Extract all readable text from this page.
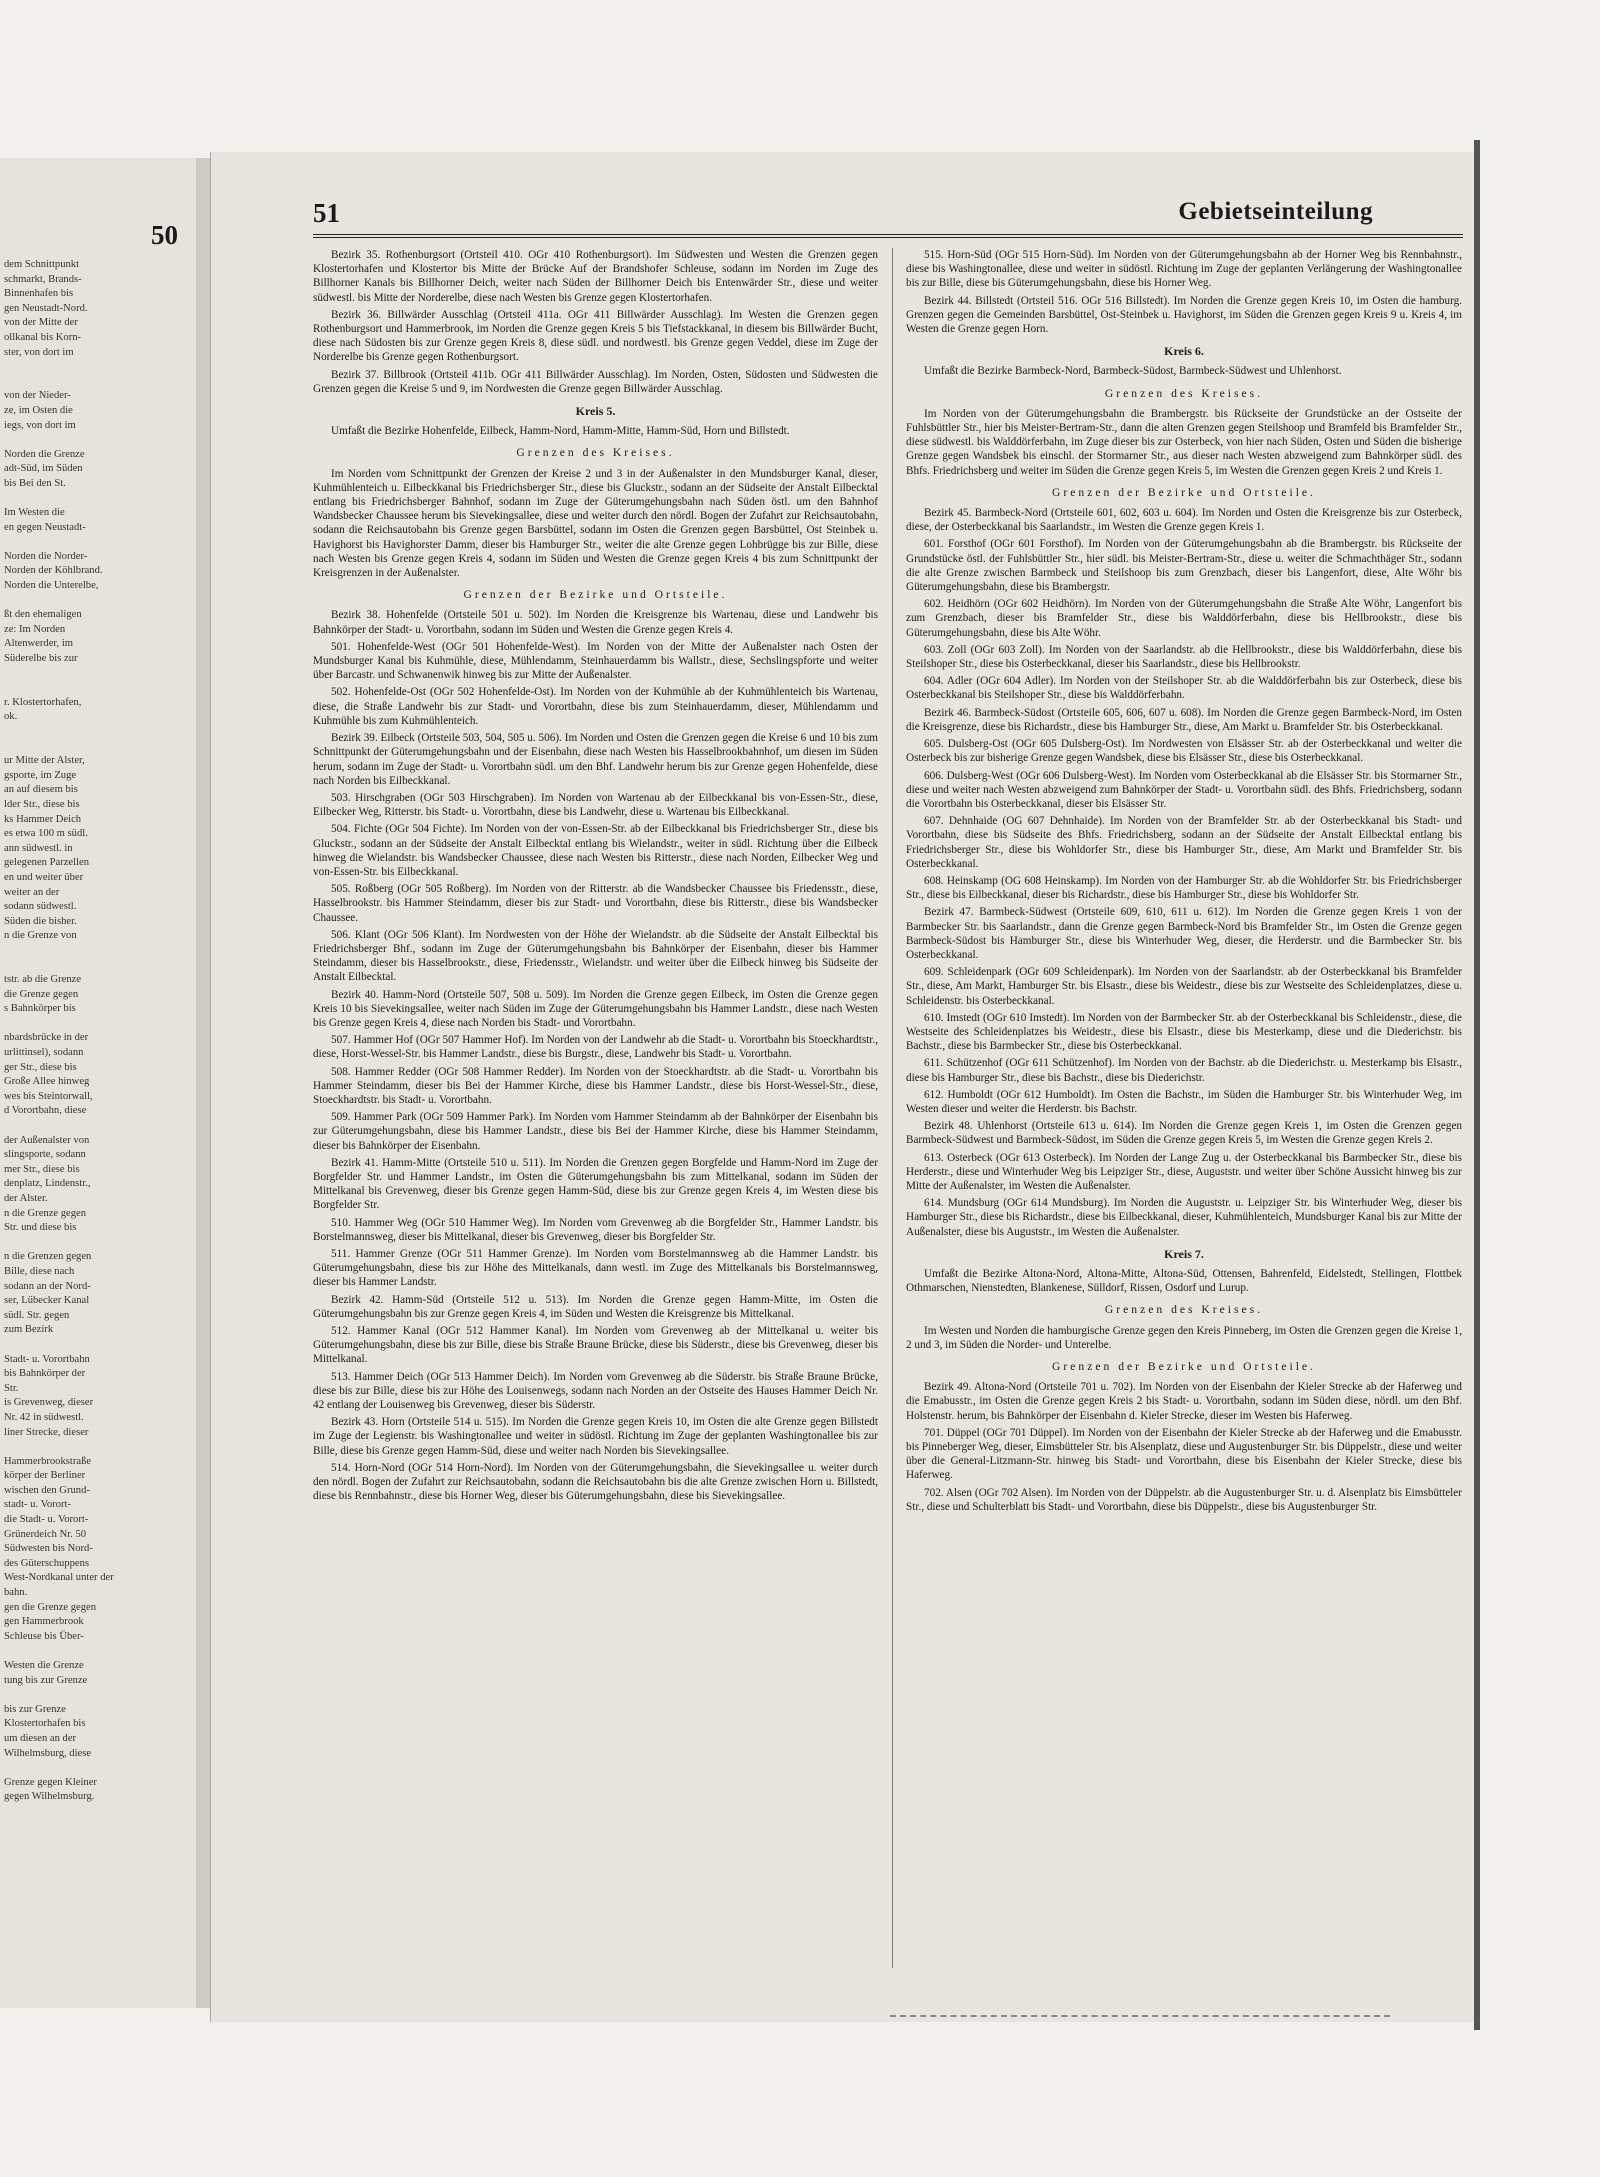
50
dem Schnittpunkt
schmarkt, Brands-
Binnenhafen bis
gen Neustadt-Nord.
von der Mitte der
ollkanal bis Korn-
ster, von dort im

von der Nieder-
ze, im Osten die
iegs, von dort im

Norden die Grenze
adt-Süd, im Süden
bis Bei den St.

Im Westen die
en gegen Neustadt-

Norden die Norder-
Norden der Köhlbrand.
Norden die Unterelbe,

ßt den ehemaligen
ze: Im Norden
Altenwerder, im
Süderelbe bis zur

r. Klostertorhafen,
ok.

ur Mitte der Alster,
gsporte, im Zuge
an auf diesem bis
lder Str., diese bis
ks Hammer Deich
es etwa 100 m südl.
ann südwestl. in
gelegenen Parzellen
en und weiter über
weiter an der
sodann südwestl.
Süden die bisher.
n die Grenze von

tstr. ab die Grenze
die Grenze gegen
s Bahnkörper bis

nbardsbrücke in der
urlittinsel), sodann
ger Str., diese bis
Große Allee hinweg
wes bis Steintorwall,
d Vorortbahn, diese

der Außenalster von
slingsporte, sodann
mer Str., diese bis
denplatz, Lindenstr.,
der Alster.
n die Grenze gegen
Str. und diese bis

n die Grenzen gegen
Bille, diese nach
sodann an der Nord-
ser, Lübecker Kanal
südl. Str. gegen
zum Bezirk

Stadt- u. Vorortbahn
bis Bahnkörper der
Str.
is Grevenweg, dieser
Nr. 42 in südwestl.
liner Strecke, dieser

Hammerbrookstraße
körper der Berliner
wischen den Grund-
stadt- u. Vorort-
die Stadt- u. Vorort-
Grünerdeich Nr. 50
Südwesten bis Nord-
des Güterschuppens
West-Nordkanal unter der
bahn.
gen die Grenze gegen
gen Hammerbrook
Schleuse bis Über-

Westen die Grenze
tung bis zur Grenze

bis zur Grenze
Klostertorhafen bis
um diesen an der
Wilhelmsburg, diese

Grenze gegen Kleiner
gegen Wilhelmsburg.
51	Gebietseinteilung

Bezirk 35. Rothenburgsort (Ortsteil 410. OGr 410 Rothenburgsort). Im Südwesten und Westen die Grenzen gegen Klostertorhafen und Klostertor bis Mitte der Brücke Auf der Brandshofer Schleuse, sodann im Norden im Zuge des Billhorner Kanals bis Billhorner Deich, weiter nach Süden der Billhorner Deich bis Entenwärder Str., diese und weiter südwestl. bis Mitte der Norderelbe, diese nach Westen bis Grenze gegen Klostertorhafen.

Bezirk 36. Billwärder Ausschlag (Ortsteil 411a. OGr 411 Billwärder Ausschlag). Im Westen die Grenzen gegen Rothenburgsort und Hammerbrook, im Norden die Grenze gegen Kreis 5 bis Tiefstackkanal, in diesem bis Billwärder Bucht, diese nach Südosten bis zur Grenze gegen Kreis 8, diese südl. und nordwestl. bis Grenze gegen Veddel, diese im Zuge der Norderelbe bis Grenze gegen Rothenburgsort.

Bezirk 37. Billbrook (Ortsteil 411b. OGr 411 Billwärder Ausschlag). Im Norden, Osten, Südosten und Südwesten die Grenzen gegen die Kreise 5 und 9, im Nordwesten die Grenze gegen Billwärder Ausschlag.

Kreis 5.

Umfaßt die Bezirke Hohenfelde, Eilbeck, Hamm-Nord, Hamm-Mitte, Hamm-Süd, Horn und Billstedt.

Grenzen des Kreises.

Im Norden vom Schnittpunkt der Grenzen der Kreise 2 und 3 in der Außenalster in den Mundsburger Kanal, dieser, Kuhmühlenteich u. Eilbeckkanal bis Friedrichsberger Str., diese bis Gluckstr., sodann an der Südseite der Anstalt Eilbecktal entlang bis Friedrichsberger Bahnhof, sodann im Zuge der Güterumgehungsbahn nach Süden östl. um den Bahnhof Wandsbecker Chaussee herum bis Sievekingsallee, diese und weiter durch den nördl. Bogen der Zufahrt zur Reichsautobahn, sodann die Reichsautobahn bis Grenze gegen Barsbüttel, sodann im Osten die Grenzen gegen Barsbüttel, Ost Steinbek u. Havighorst bis Havighorster Damm, dieser bis Hamburger Str., weiter die alte Grenze gegen Lohbrügge bis zur Bille, diese nach Westen bis Grenze gegen Kreis 4, sodann im Süden und Westen die Grenze gegen Kreis 4 bis zum Schnittpunkt der Kreisgrenzen in der Außenalster.

Grenzen der Bezirke und Ortsteile.

Bezirk 38. Hohenfelde (Ortsteile 501 u. 502). Im Norden die Kreisgrenze bis Wartenau, diese und Landwehr bis Bahnkörper der Stadt- u. Vorortbahn, sodann im Süden und Westen die Grenze gegen Kreis 4.

501. Hohenfelde-West (OGr 501 Hohenfelde-West). Im Norden von der Mitte der Außenalster nach Osten der Mundsburger Kanal bis Kuhmühle, diese, Mühlendamm, Steinhauerdamm bis Wallstr., diese, Sechslingspforte und weiter über Barcastr. und Schwanenwik hinweg bis zur Mitte der Außenalster.

502. Hohenfelde-Ost (OGr 502 Hohenfelde-Ost). Im Norden von der Kuhmühle ab der Kuhmühlenteich bis Wartenau, diese, die Straße Landwehr bis zur Stadt- und Vorortbahn, diese bis zum Steinhauerdamm, dieser, Mühlendamm und Kuhmühle bis zum Kuhmühlenteich.

Bezirk 39. Eilbeck (Ortsteile 503, 504, 505 u. 506). Im Norden und Osten die Grenzen gegen die Kreise 6 und 10 bis zum Schnittpunkt der Güterumgehungsbahn und der Eisenbahn, diese nach Westen bis Hasselbrookbahnhof, um diesen im Süden herum, sodann im Zuge der Stadt- u. Vorortbahn südl. um den Bhf. Landwehr herum bis zur Grenze gegen Hohenfelde, diese nach Norden bis Eilbeckkanal.

503. Hirschgraben (OGr 503 Hirschgraben). Im Norden von Wartenau ab der Eilbeckkanal bis von-Essen-Str., diese, Eilbecker Weg, Ritterstr. bis Stadt- u. Vorortbahn, diese bis Landwehr, diese u. Wartenau bis Eilbeckkanal.

504. Fichte (OGr 504 Fichte). Im Norden von der von-Essen-Str. ab der Eilbeckkanal bis Friedrichsberger Str., diese bis Gluckstr., sodann an der Südseite der Anstalt Eilbecktal entlang bis Wielandstr., weiter in südl. Richtung über die Eilbeck hinweg die Wielandstr. bis Wandsbecker Chaussee, diese nach Westen bis Ritterstr., diese nach Norden, Eilbecker Weg und von-Essen-Str. bis Eilbeckkanal.

505. Roßberg (OGr 505 Roßberg). Im Norden von der Ritterstr. ab die Wandsbecker Chaussee bis Friedensstr., diese, Hasselbrookstr. bis Hammer Steindamm, dieser bis zur Stadt- und Vorortbahn, diese bis Ritterstr., diese bis Wandsbecker Chaussee.

506. Klant (OGr 506 Klant). Im Nordwesten von der Höhe der Wielandstr. ab die Südseite der Anstalt Eilbecktal bis Friedrichsberger Bhf., sodann im Zuge der Güterumgehungsbahn bis Bahnkörper der Eisenbahn, dieser bis Hammer Steindamm, dieser bis Hasselbrookstr., diese, Friedensstr., Wielandstr. und weiter über die Eilbeck hinweg bis Südseite der Anstalt Eilbecktal.

Bezirk 40. Hamm-Nord (Ortsteile 507, 508 u. 509). Im Norden die Grenze gegen Eilbeck, im Osten die Grenze gegen Kreis 10 bis Sievekingsallee, weiter nach Süden im Zuge der Güterumgehungsbahn bis Hammer Landstr., diese nach Westen bis Grenze gegen Kreis 4, diese nach Norden bis Stadt- und Vorortbahn.

507. Hammer Hof (OGr 507 Hammer Hof). Im Norden von der Landwehr ab die Stadt- u. Vorortbahn bis Stoeckhardtstr., diese, Horst-Wessel-Str. bis Hammer Landstr., diese bis Burgstr., diese, Landwehr bis Stadt- u. Vorortbahn.

508. Hammer Redder (OGr 508 Hammer Redder). Im Norden von der Stoeckhardtstr. ab die Stadt- u. Vorortbahn bis Hammer Steindamm, dieser bis Bei der Hammer Kirche, diese bis Hammer Landstr., diese bis Horst-Wessel-Str., diese, Stoeckhardtstr. bis Stadt- u. Vorortbahn.

509. Hammer Park (OGr 509 Hammer Park). Im Norden vom Hammer Steindamm ab der Bahnkörper der Eisenbahn bis zur Güterumgehungsbahn, diese bis Hammer Landstr., diese bis Bei der Hammer Kirche, diese bis Hammer Steindamm, dieser bis Bahnkörper der Eisenbahn.

Bezirk 41. Hamm-Mitte (Ortsteile 510 u. 511). Im Norden die Grenzen gegen Borgfelde und Hamm-Nord im Zuge der Borgfelder Str. und Hammer Landstr., im Osten die Güterumgehungsbahn bis zum Mittelkanal, sodann im Süden der Mittelkanal bis Grevenweg, dieser bis Grenze gegen Hamm-Süd, diese bis zur Grenze gegen Kreis 4, im Westen diese bis Borgfelder Str.

510. Hammer Weg (OGr 510 Hammer Weg). Im Norden vom Grevenweg ab die Borgfelder Str., Hammer Landstr. bis Borstelmannsweg, dieser bis Mittelkanal, dieser bis Grevenweg, dieser bis Borgfelder Str.

511. Hammer Grenze (OGr 511 Hammer Grenze). Im Norden vom Borstelmannsweg ab die Hammer Landstr. bis Güterumgehungsbahn, diese bis zur Höhe des Mittelkanals, dann westl. im Zuge des Mittelkanals bis Borstelmannsweg, dieser bis Hammer Landstr.

Bezirk 42. Hamm-Süd (Ortsteile 512 u. 513). Im Norden die Grenze gegen Hamm-Mitte, im Osten die Güterumgehungsbahn bis zur Grenze gegen Kreis 4, im Süden und Westen die Kreisgrenze bis Mittelkanal.

512. Hammer Kanal (OGr 512 Hammer Kanal). Im Norden vom Grevenweg ab der Mittelkanal u. weiter bis Güterumgehungsbahn, diese bis zur Bille, diese bis Straße Braune Brücke, diese bis Süderstr., diese bis Grevenweg, dieser bis Mittelkanal.

513. Hammer Deich (OGr 513 Hammer Deich). Im Norden vom Grevenweg ab die Süderstr. bis Straße Braune Brücke, diese bis zur Bille, diese bis zur Höhe des Louisenwegs, sodann nach Norden an der Ostseite des Hauses Hammer Deich Nr. 42 entlang der Louisenweg bis Grevenweg, dieser bis Süderstr.

Bezirk 43. Horn (Ortsteile 514 u. 515). Im Norden die Grenze gegen Kreis 10, im Osten die alte Grenze gegen Billstedt im Zuge der Legienstr. bis Washingtonallee und weiter in südöstl. Richtung im Zuge der geplanten Washingtonallee bis zur Bille, diese bis Grenze gegen Hamm-Süd, diese und weiter nach Norden bis Sievekingsallee.

514. Horn-Nord (OGr 514 Horn-Nord). Im Norden von der Güterumgehungsbahn, die Sievekingsallee u. weiter durch den nördl. Bogen der Zufahrt zur Reichsautobahn, sodann die Reichsautobahn bis die alte Grenze zwischen Horn u. Billstedt, diese bis Rennbahnstr., diese bis Horner Weg, dieser bis Güterumgehungsbahn, diese bis Sievekingsallee.

515. Horn-Süd (OGr 515 Horn-Süd). Im Norden von der Güterumgehungsbahn ab der Horner Weg bis Rennbahnstr., diese bis Washingtonallee, diese und weiter in südöstl. Richtung im Zuge der geplanten Verlängerung der Washingtonallee bis zur Bille, diese bis Güterumgehungsbahn, diese bis Horner Weg.

Bezirk 44. Billstedt (Ortsteil 516. OGr 516 Billstedt). Im Norden die Grenze gegen Kreis 10, im Osten die hamburg. Grenzen gegen die Gemeinden Barsbüttel, Ost-Steinbek u. Havighorst, im Süden die Grenzen gegen Kreis 9 u. Kreis 4, im Westen die Grenze gegen Horn.

Kreis 6.

Umfaßt die Bezirke Barmbeck-Nord, Barmbeck-Südost, Barmbeck-Südwest und Uhlenhorst.

Grenzen des Kreises.

Im Norden von der Güterumgehungsbahn die Brambergstr. bis Rückseite der Grundstücke an der Ostseite der Fuhlsbüttler Str., hier bis Meister-Bertram-Str., dann die alten Grenzen gegen Steilshoop und Bramfeld bis Bramfelder Str., diese südwestl. bis Walddörferbahn, im Zuge dieser bis zur Osterbeck, von hier nach Süden, Osten und Süden die bisherige Grenze gegen Wandsbek bis einschl. der Stormarner Str., aus dieser nach Westen abzweigend zum Bahnkörper südl. des Bhfs. Friedrichsberg und weiter im Süden die Grenze gegen Kreis 5, im Westen die Grenzen gegen Kreis 2 und Kreis 1.

Grenzen der Bezirke und Ortsteile.

Bezirk 45. Barmbeck-Nord (Ortsteile 601, 602, 603 u. 604). Im Norden und Osten die Kreisgrenze bis zur Osterbeck, diese, der Osterbeckkanal bis Saarlandstr., im Westen die Grenze gegen Kreis 1.

601. Forsthof (OGr 601 Forsthof). Im Norden von der Güterumgehungsbahn ab die Brambergstr. bis Rückseite der Grundstücke östl. der Fuhlsbüttler Str., hier südl. bis Meister-Bertram-Str., diese u. weiter die Schmachthäger Str., sodann die alte Grenze zwischen Barmbeck und Steilshoop bis zum Grenzbach, dieser bis Langenfort, diese, Alte Wöhr bis Güterumgehungsbahn, diese bis Brambergstr.

602. Heidhörn (OGr 602 Heidhörn). Im Norden von der Güterumgehungsbahn die Straße Alte Wöhr, Langenfort bis zum Grenzbach, dieser bis Bramfelder Str., diese bis Walddörferbahn, diese bis Hellbrookstr., diese bis Güterumgehungsbahn, diese bis Alte Wöhr.

603. Zoll (OGr 603 Zoll). Im Norden von der Saarlandstr. ab die Hellbrookstr., diese bis Walddörferbahn, diese bis Steilshoper Str., diese bis Osterbeckkanal, dieser bis Saarlandstr., diese bis Hellbrookstr.

604. Adler (OGr 604 Adler). Im Norden von der Steilshoper Str. ab die Walddörferbahn bis zur Osterbeck, diese bis Osterbeckkanal bis Steilshoper Str., diese bis Walddörferbahn.

Bezirk 46. Barmbeck-Südost (Ortsteile 605, 606, 607 u. 608). Im Norden die Grenze gegen Barmbeck-Nord, im Osten die Kreisgrenze, diese bis Richardstr., diese bis Hamburger Str., diese, Am Markt u. Bramfelder Str. bis Osterbeckkanal.

605. Dulsberg-Ost (OGr 605 Dulsberg-Ost). Im Nordwesten von Elsässer Str. ab der Osterbeckkanal und weiter die Osterbeck bis zur bisherige Grenze gegen Wandsbek, diese bis Elsässer Str., diese bis Osterbeckkanal.

606. Dulsberg-West (OGr 606 Dulsberg-West). Im Norden vom Osterbeckkanal ab die Elsässer Str. bis Stormarner Str., diese und weiter nach Westen abzweigend zum Bahnkörper der Stadt- u. Vorortbahn südl. des Bhfs. Friedrichsberg, sodann die Vorortbahn bis Osterbeckkanal, dieser bis Elsässer Str.

607. Dehnhaide (OG 607 Dehnhaide). Im Norden von der Bramfelder Str. ab der Osterbeckkanal bis Stadt- und Vorortbahn, diese bis Südseite des Bhfs. Friedrichsberg, sodann an der Südseite der Anstalt Eilbecktal entlang bis Friedrichsberger Str., diese bis Wohldorfer Str., diese bis Hamburger Str., diese, Am Markt und Bramfelder Str. bis Osterbeckkanal.

608. Heinskamp (OG 608 Heinskamp). Im Norden von der Hamburger Str. ab die Wohldorfer Str. bis Friedrichsberger Str., diese bis Eilbeckkanal, dieser bis Richardstr., diese bis Hamburger Str., diese bis Wohldorfer Str.

Bezirk 47. Barmbeck-Südwest (Ortsteile 609, 610, 611 u. 612). Im Norden die Grenze gegen Kreis 1 von der Barmbecker Str. bis Saarlandstr., dann die Grenze gegen Barmbeck-Nord bis Bramfelder Str., im Osten die Grenze gegen Barmbeck-Südost bis Hamburger Str., diese bis Winterhuder Weg, dieser, die Herderstr. und die Barmbecker Str. bis Osterbeckkanal.

609. Schleidenpark (OGr 609 Schleidenpark). Im Norden von der Saarlandstr. ab der Osterbeckkanal bis Bramfelder Str., diese, Am Markt, Hamburger Str. bis Elsastr., diese bis Weidestr., diese bis zur Westseite des Schleidenplatzes, diese u. Schleidenstr. bis Osterbeckkanal.

610. Imstedt (OGr 610 Imstedt). Im Norden von der Barmbecker Str. ab der Osterbeckkanal bis Schleidenstr., diese, die Westseite des Schleidenplatzes bis Weidestr., diese bis Elsastr., diese bis Mesterkamp, diese und die Diederichstr. bis Bachstr., diese bis Barmbecker Str., diese bis Osterbeckkanal.

611. Schützenhof (OGr 611 Schützenhof). Im Norden von der Bachstr. ab die Diederichstr. u. Mesterkamp bis Elsastr., diese bis Hamburger Str., diese bis Bachstr., diese bis Diederichstr.

612. Humboldt (OGr 612 Humboldt). Im Osten die Bachstr., im Süden die Hamburger Str. bis Winterhuder Weg, im Westen dieser und weiter die Herderstr. bis Bachstr.

Bezirk 48. Uhlenhorst (Ortsteile 613 u. 614). Im Norden die Grenze gegen Kreis 1, im Osten die Grenzen gegen Barmbeck-Südwest und Barmbeck-Südost, im Süden die Grenze gegen Kreis 5, im Westen die Grenze gegen Kreis 2.

613. Osterbeck (OGr 613 Osterbeck). Im Norden der Lange Zug u. der Osterbeckkanal bis Barmbecker Str., diese bis Herderstr., diese und Winterhuder Weg bis Leipziger Str., diese, Auguststr. und weiter über Schöne Aussicht hinweg bis zur Mitte der Außenalster, im Westen die Außenalster.

614. Mundsburg (OGr 614 Mundsburg). Im Norden die Auguststr. u. Leipziger Str. bis Winterhuder Weg, dieser bis Hamburger Str., diese bis Richardstr., diese bis Eilbeckkanal, dieser, Kuhmühlenteich, Mundsburger Kanal bis zur Mitte der Außenalster, diese bis Auguststr., im Westen die Außenalster.

Kreis 7.

Umfaßt die Bezirke Altona-Nord, Altona-Mitte, Altona-Süd, Ottensen, Bahrenfeld, Eidelstedt, Stellingen, Flottbek Othmarschen, Nienstedten, Blankenese, Sülldorf, Rissen, Osdorf und Lurup.

Grenzen des Kreises.

Im Westen und Norden die hamburgische Grenze gegen den Kreis Pinneberg, im Osten die Grenzen gegen die Kreise 1, 2 und 3, im Süden die Norder- und Unterelbe.

Grenzen der Bezirke und Ortsteile.

Bezirk 49. Altona-Nord (Ortsteile 701 u. 702). Im Norden von der Eisenbahn der Kieler Strecke ab der Haferweg und die Emabusstr., im Osten die Grenze gegen Kreis 2 bis Stadt- u. Vorortbahn, sodann im Süden diese, nördl. um den Bhf. Holstenstr. herum, bis Bahnkörper der Eisenbahn d. Kieler Strecke, dieser im Westen bis Haferweg.

701. Düppel (OGr 701 Düppel). Im Norden von der Eisenbahn der Kieler Strecke ab der Haferweg und die Emabusstr. bis Pinneberger Weg, dieser, Eimsbütteler Str. bis Alsenplatz, diese und Augustenburger Str. bis Düppelstr., diese und weiter über die General-Litzmann-Str. hinweg bis Stadt- und Vorortbahn, diese bis Eisenbahn der Kieler Strecke, diese bis Haferweg.

702. Alsen (OGr 702 Alsen). Im Norden von der Düppelstr. ab die Augustenburger Str. u. d. Alsenplatz bis Eimsbütteler Str., diese und Schulterblatt bis Stadt- und Vorortbahn, diese bis Düppelstr., diese bis Augustenburger Str.
